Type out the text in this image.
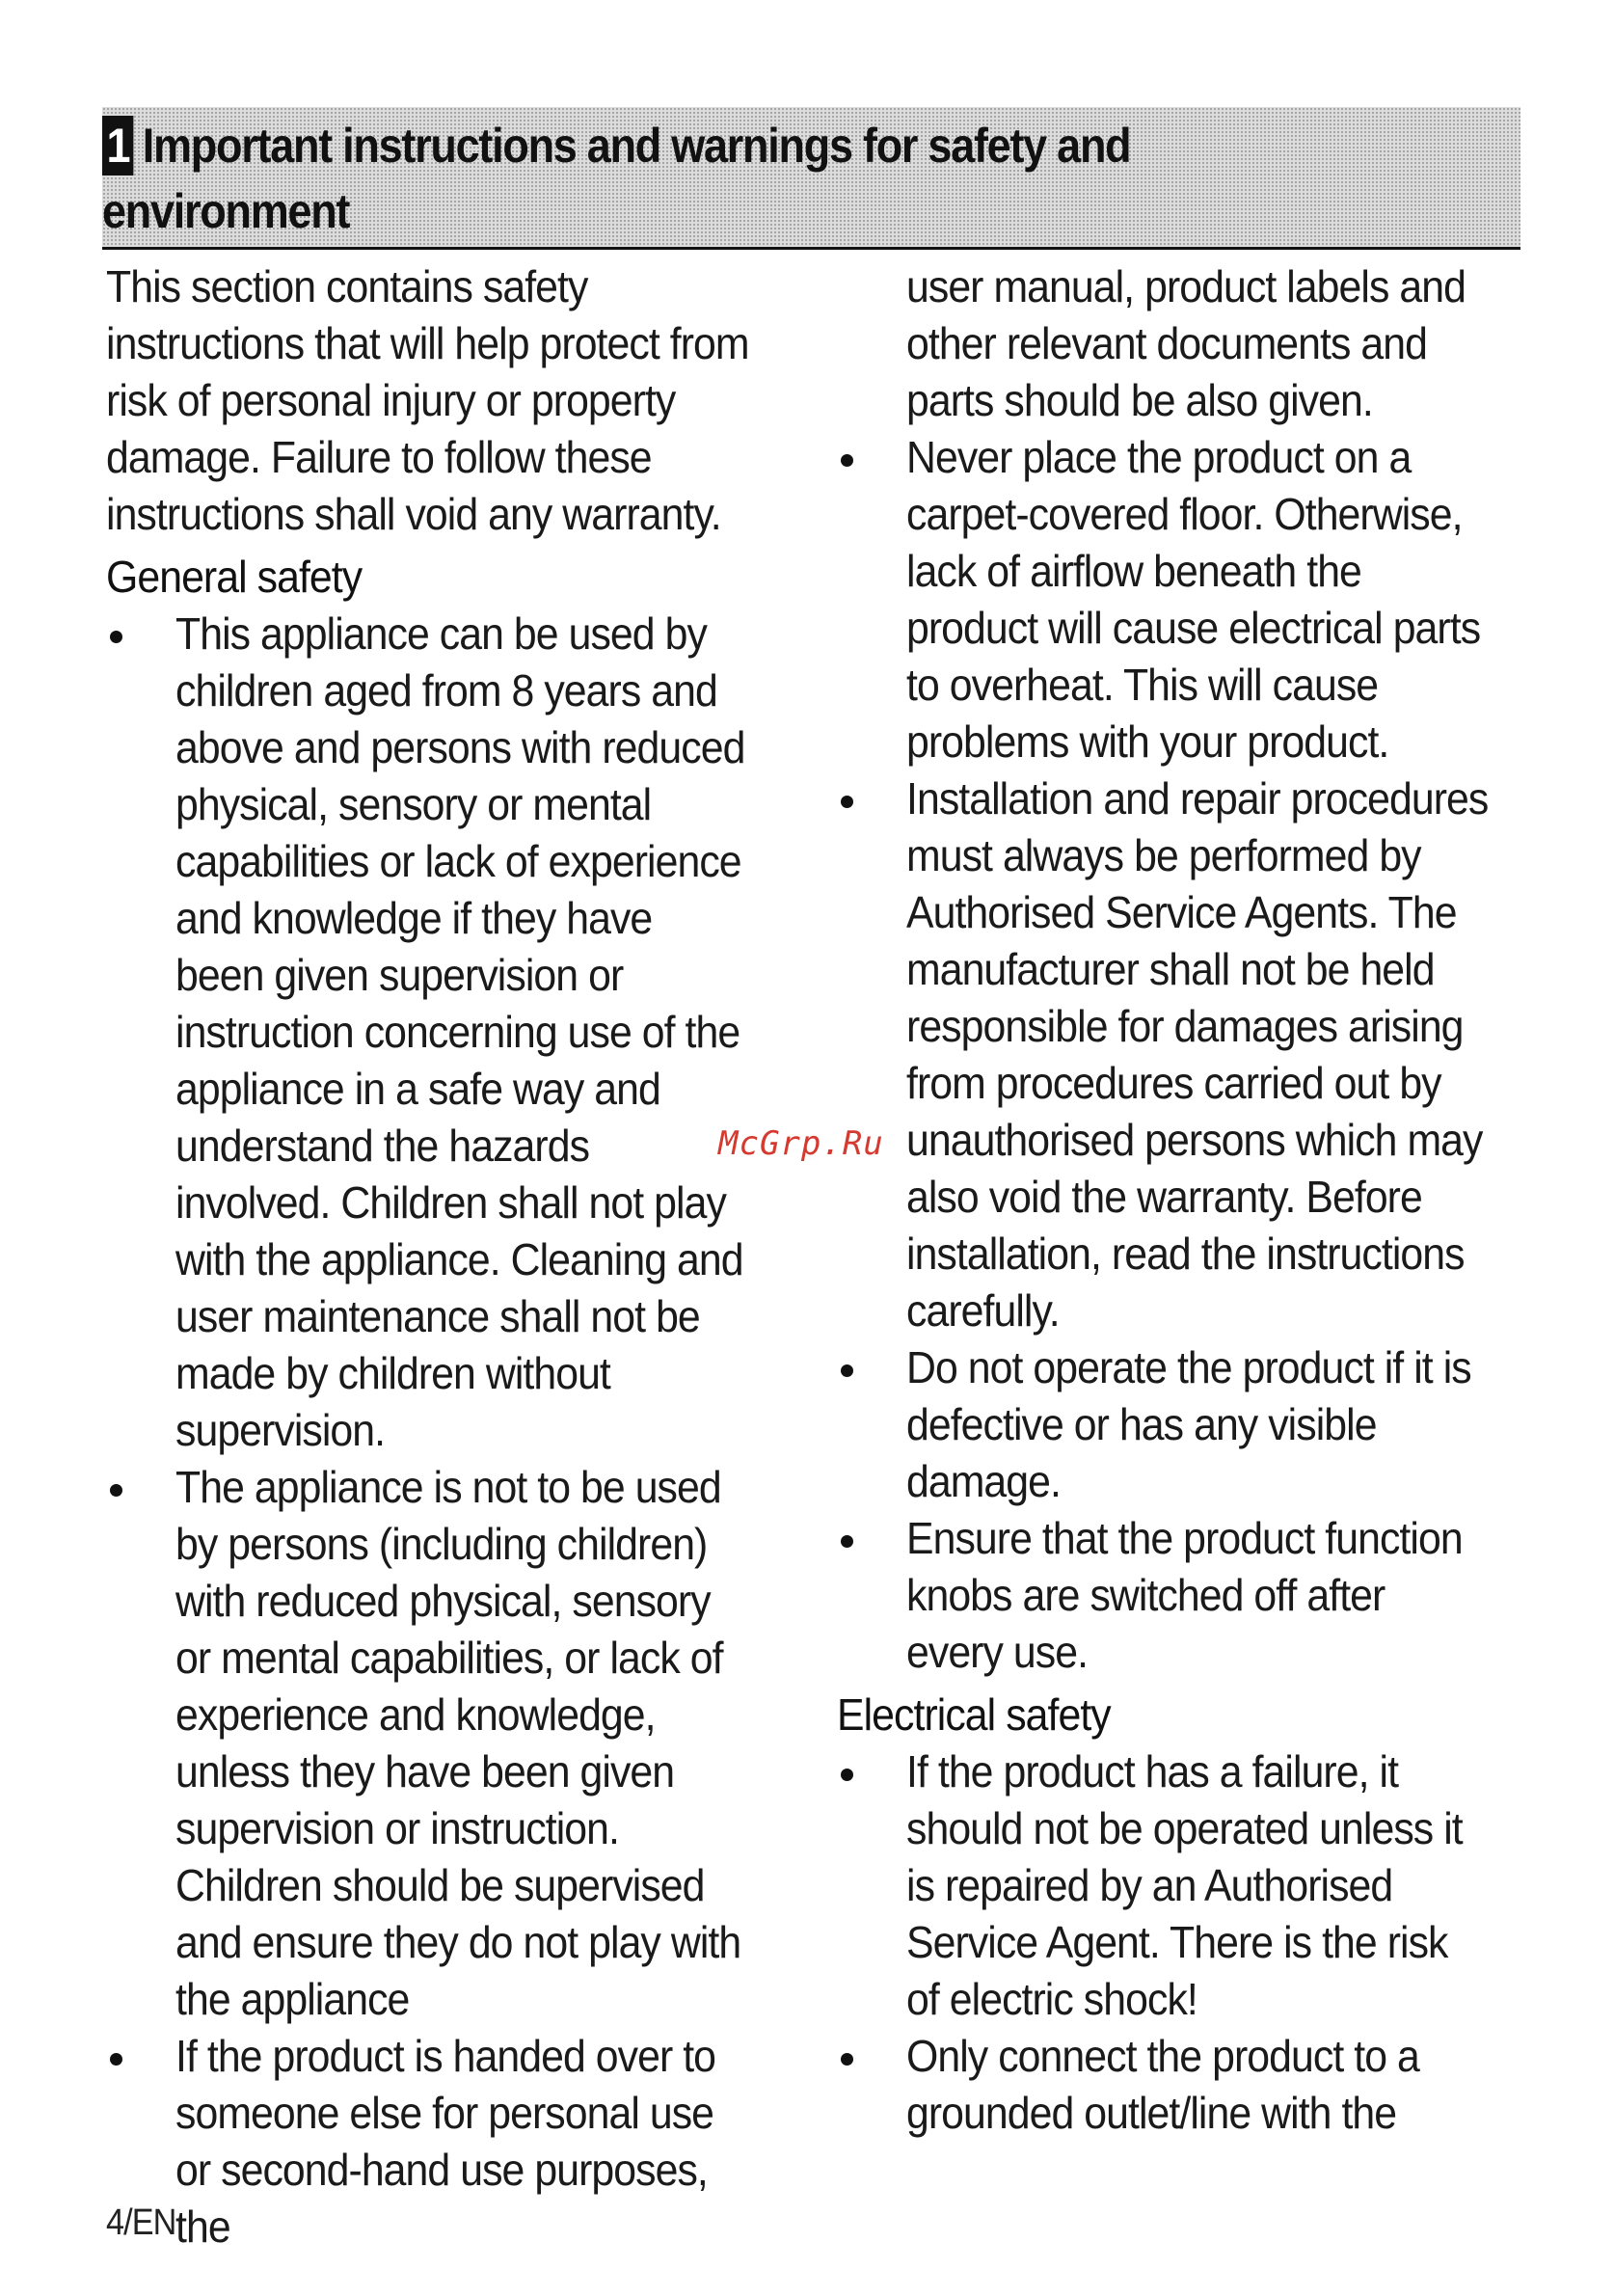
1 Important instructions and warnings for safety and environment

This section contains safety instructions that will help protect from risk of personal injury or property damage. Failure to follow these instructions shall void any warranty.

General safety
This appliance can be used by children aged from 8 years and above and persons with reduced physical, sensory or mental capabilities or lack of experience and knowledge if they have been given supervision or instruction concerning use of the appliance in a safe way and understand the hazards involved. Children shall not play with the appliance. Cleaning and user maintenance shall not be made by children without supervision.
The appliance is not to be used by persons (including children) with reduced physical, sensory or mental capabilities, or lack of experience and knowledge, unless they have been given supervision or instruction. Children should be supervised and ensure they do not play with the appliance
If the product is handed over to someone else for personal use or second-hand use purposes, the

user manual, product labels and other relevant documents and parts should be also given.

Never place the product on a carpet-covered floor. Otherwise, lack of airflow beneath the product will cause electrical parts to overheat. This will cause problems with your product.
Installation and repair procedures must always be performed by Authorised Service Agents. The manufacturer shall not be held responsible for damages arising from procedures carried out by unauthorised persons which may also void the warranty. Before installation, read the instructions carefully.
Do not operate the product if it is defective or has any visible damage.
Ensure that the product function knobs are switched off after every use.
Electrical safety
If the product has a failure, it should not be operated unless it is repaired by an Authorised Service Agent. There is the risk of electric shock!
Only connect the product to a grounded outlet/line with the
McGrp.Ru
4/EN
